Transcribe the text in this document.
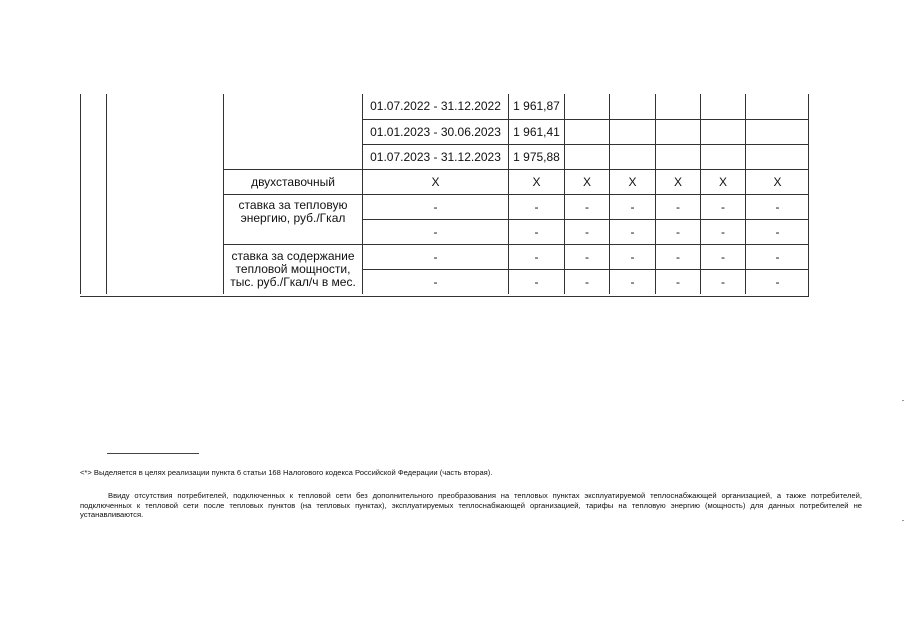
01.07.2022 - 31.12.2022	1 961,87
01.01.2023 - 30.06.2023	1 961,41
01.07.2023 - 31.12.2023	1 975,88
двухставочный	X	Х	Х	Х	Х	Х	Х
ставка за тепловую энергию, руб./Гкал
-	-	-	-	-	-	-
-	-	-	-	-	-	-
ставка за содержание тепловой мощности, тыс. руб./Гкал/ч в мес.
-	-	-	-	-	-	-
-	-	-	-	-	-	-

<*> Выделяется в целях реализации пункта 6 статьи 168 Налогового кодекса Российской Федерации (часть вторая).

Ввиду отсутствия потребителей, подключенных к тепловой сети без дополнительного преобразования на тепловых пунктах эксплуатируемой теплоснабжающей организацией, а также потребителей, подключенных к тепловой сети после тепловых пунктов (на тепловых пунктах), эксплуатируемых теплоснабжающей организацией, тарифы на тепловую энергию (мощность) для данных потребителей не устанавливаются.
